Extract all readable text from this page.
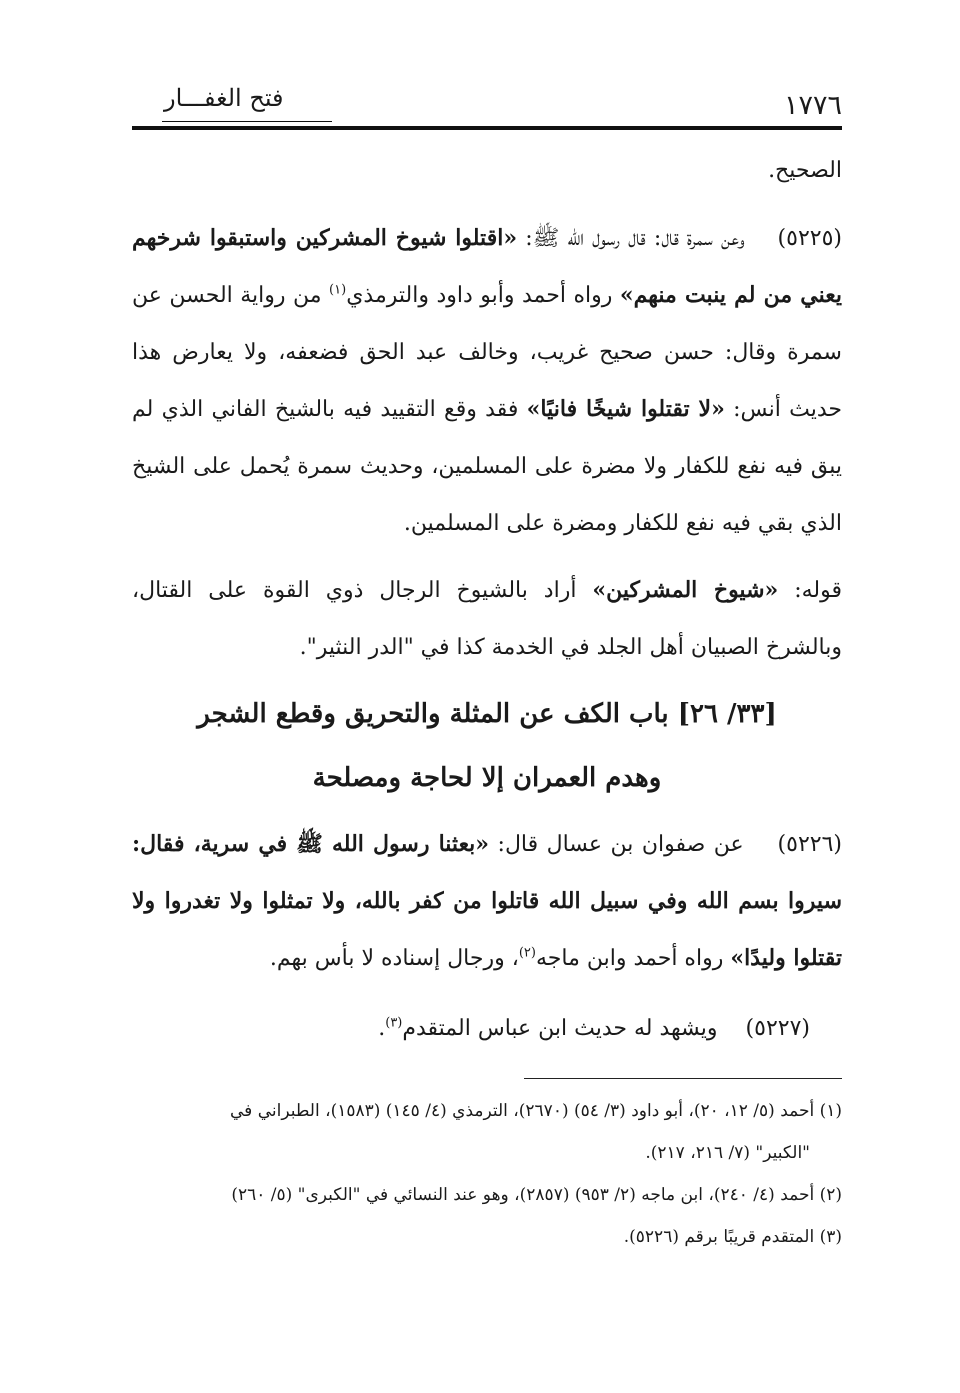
١٧٧٦
فتح الغفـــار
الصحيح.
(٥٢٢٥)    وعن سمرة قال: قال رسول الله ﷺ: «اقتلوا شيوخ المشركين واستبقوا شرخهم يعني من لم ينبت منهم» رواه أحمد وأبو داود والترمذي$^{(١)}$ من رواية الحسن عن سمرة وقال: حسن صحيح غريب، وخالف عبد الحق فضعفه، ولا يعارض هذا حديث أنس: «لا تقتلوا شيخًا فانيًا» فقد وقع التقييد فيه بالشيخ الفاني الذي لم يبق فيه نفع للكفار ولا مضرة على المسلمين، وحديث سمرة يُحمل على الشيخ الذي بقي فيه نفع للكفار ومضرة على المسلمين.
قوله: «شيوخ المشركين» أراد بالشيوخ الرجال ذوي القوة على القتال، وبالشرخ الصبيان أهل الجلد في الخدمة كذا في "الدر النثير".
[٣٣/ ٢٦] باب الكف عن المثلة والتحريق وقطع الشجر
وهدم العمران إلا لحاجة ومصلحة
(٥٢٢٦)    عن صفوان بن عسال قال: «بعثنا رسول الله ﷺ في سرية، فقال: سيروا بسم الله وفي سبيل الله قاتلوا من كفر بالله، ولا تمثلوا ولا تغدروا ولا تقتلوا وليدًا» رواه أحمد وابن ماجه$^{(٢)}$، ورجال إسناده لا بأس بهم.
(٥٢٢٧)    ويشهد له حديث ابن عباس المتقدم$^{(٣)}$.

(١) أحمد (٥/ ١٢، ٢٠)، أبو داود (٣/ ٥٤) (٢٦٧٠)، الترمذي (٤/ ١٤٥) (١٥٨٣)، الطبراني في

"الكبير" (٧/ ٢١٦، ٢١٧).

(٢) أحمد (٤/ ٢٤٠)، ابن ماجه (٢/ ٩٥٣) (٢٨٥٧)، وهو عند النسائي في "الكبرى" (٥/ ٢٦٠)

(٣) المتقدم قريبًا برقم (٥٢٢٦).
